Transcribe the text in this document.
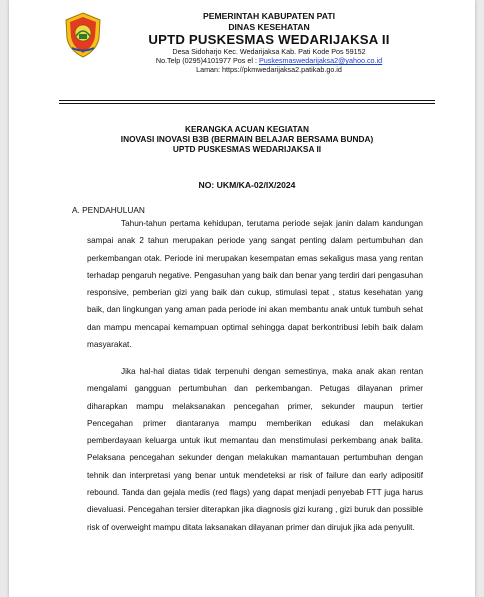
PEMERINTAH KABUPATEN PATI
DINAS KESEHATAN
UPTD PUSKESMAS WEDARIJAKSA II
Desa Sidoharjo Kec. Wedarijaksa Kab. Pati Kode Pos 59152
No.Telp (0295)4101977 Pos el : Puskesmaswedarijaksa2@yahoo.co.id
Laman: https://pkmwedarijaksa2.patikab.go.id
KERANGKA ACUAN KEGIATAN
INOVASI INOVASI B3B (BERMAIN BELAJAR BERSAMA BUNDA)
UPTD PUSKESMAS WEDARIJAKSA II
NO: UKM/KA-02/IX/2024
A. PENDAHULUAN

Tahun-tahun pertama kehidupan, terutama periode sejak janin dalam kandungan sampai anak 2 tahun merupakan periode yang sangat penting dalam pertumbuhan dan perkembangan otak. Periode ini merupakan kesempatan emas sekaligus masa yang rentan terhadap pengaruh negative. Pengasuhan yang baik dan benar yang terdiri dari pengasuhan responsive, pemberian gizi yang baik dan cukup, stimulasi tepat , status kesehatan yang baik, dan lingkungan yang aman pada periode ini akan membantu anak untuk tumbuh sehat dan mampu mencapai kemampuan optimal sehingga dapat berkontribusi lebih baik dalam masyarakat.

Jika hal-hal diatas tidak terpenuhi dengan semestinya, maka anak akan rentan mengalami gangguan pertumbuhan dan perkembangan. Petugas dilayanan primer diharapkan mampu melaksanakan pencegahan primer, sekunder maupun tertier Pencegahan primer diantaranya mampu memberikan edukasi dan melakukan pemberdayaan keluarga untuk ikut memantau dan menstimulasi perkembang anak balita. Pelaksana pencegahan sekunder dengan melakukan mamantauan pertumbuhan dengan tehnik dan interpretasi yang benar untuk mendeteksi ar risk of failure dan early adipositif rebound. Tanda dan gejala medis (red flags) yang dapat menjadi penyebab FTT juga harus dievaluasi. Pencegahan tersier diterapkan jika diagnosis gizi kurang , gizi buruk dan possible risk of overweight mampu ditata laksanakan dilayanan primer dan dirujuk jika ada penyulit.
